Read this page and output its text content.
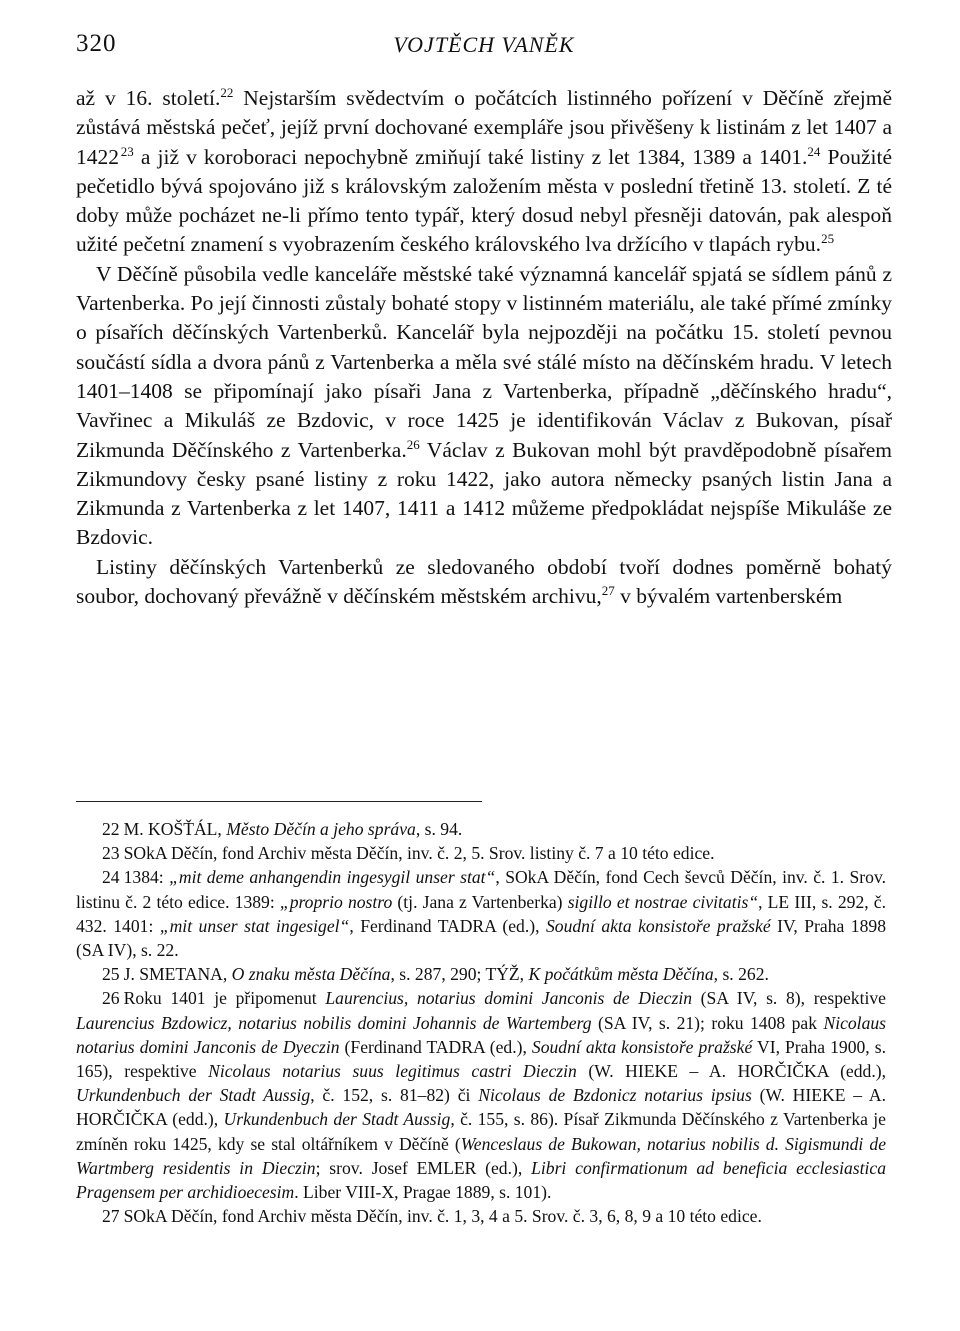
320	VOJTĚCH VANĚK

až v 16. století.$^{22}$ Nejstarším svědectvím o počátcích listinného pořízení v Děčíně zřejmě zůstává městská pečeť, jejíž první dochované exempláře jsou přivěšeny k listinám z let 1407 a 1422  $^{23}$ a již v koroboraci nepochybně zmiňují také listiny z let 1384, 1389 a 1401.24 Použité pečetidlo bývá spojováno již s královským založením města v poslední třetině 13. století. Z té doby může pocházet ne-li přímo tento typář, který dosud nebyl přesněji datován, pak alespoň užité pečetní znamení s vyobrazením českého královského lva držícího v tlapách rybu.$^{25}$

V Děčíně působila vedle kanceláře městské také významná kancelář spjatá se sídlem pánů z Vartenberka. Po její činnosti zůstaly bohaté stopy v listinném materiálu, ale také přímé zmínky o písařích děčínských Vartenberků. Kancelář byla nejpozději na počátku 15. století pevnou součástí sídla a dvora pánů z Vartenberka a měla své stálé místo na děčínském hradu. V letech 1401–1408 se připomínají jako písaři Jana z Vartenberka, případně „děčínského hradu“, Vavřinec a Mikuláš ze Bzdovic, v roce 1425 je identifikován Václav z Bukovan, písař Zikmunda Děčínského z Vartenberka.$^{26}$ Václav z Bukovan mohl být pravděpodobně písařem Zikmundovy česky psané listiny z roku 1422, jako autora německy psaných listin Jana a Zikmunda z Vartenberka z let 1407, 1411 a 1412 můžeme předpokládat nejspíše Mikuláše ze Bzdovic.

Listiny děčínských Vartenberků ze sledovaného období tvoří dodnes poměrně bohatý soubor, dochovaný převážně v děčínském městském archivu,$^{27}$ v bývalém vartenberském

22 M. KOŠŤÁL, Město Děčín a jeho správa, s. 94.

23 SOkA Děčín, fond Archiv města Děčín, inv. č. 2, 5. Srov. listiny č. 7 a 10 této edice.

24 1384: „mit deme anhangendin ingesygil unser stat“, SOkA Děčín, fond Cech ševců Děčín, inv. č. 1. Srov. listinu č. 2 této edice. 1389: „proprio nostro (tj. Jana z Vartenberka) sigillo et nostrae civitatis“, LE III, s. 292, č. 432. 1401: „mit unser stat ingesigel“, Ferdinand TADRA (ed.), Soudní akta konsistoře pražské IV, Praha 1898 (SA IV), s. 22.

25 J. SMETANA, O znaku města Děčína, s. 287, 290; TÝŽ, K počátkům města Děčína, s. 262.

26 Roku 1401 je připomenut Laurencius, notarius domini Janconis de Dieczin (SA IV, s. 8), respektive Laurencius Bzdowicz, notarius nobilis domini Johannis de Wartemberg (SA IV, s. 21); roku 1408 pak Nicolaus notarius domini Janconis de Dyeczin (Ferdinand TADRA (ed.), Soudní akta konsistoře pražské VI, Praha 1900, s. 165), respektive Nicolaus notarius suus legitimus castri Dieczin (W. HIEKE – A. HORČIČKA (edd.), Urkundenbuch der Stadt Aussig, č. 152, s. 81–82) či Nicolaus de Bzdonicz notarius ipsius (W. HIEKE – A. HORČIČKA (edd.), Urkundenbuch der Stadt Aussig, č. 155, s. 86). Písař Zikmunda Děčínského z Vartenberka je zmíněn roku 1425, kdy se stal oltářníkem v Děčíně (Wenceslaus de Bukowan, notarius nobilis d. Sigismundi de Wartmberg residentis in Dieczin; srov. Josef EMLER (ed.), Libri confirmationum ad beneficia ecclesiastica Pragensem per archidioecesim. Liber VIII-X, Pragae 1889, s. 101).

27 SOkA Děčín, fond Archiv města Děčín, inv. č. 1, 3, 4 a 5. Srov. č. 3, 6, 8, 9 a 10 této edice.
